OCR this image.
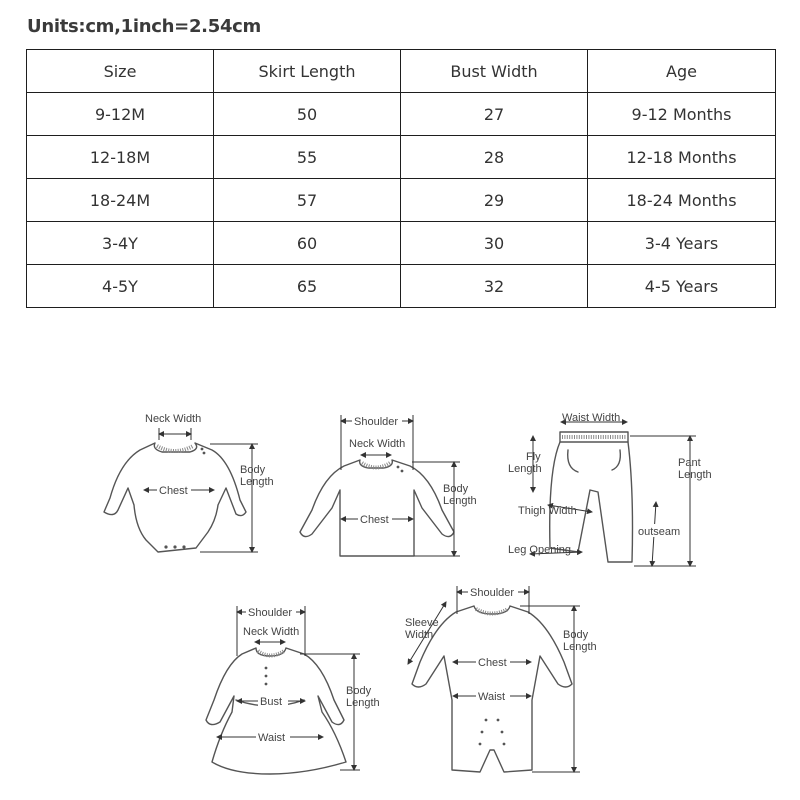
Units:cm,1inch=2.54cm
Size	Skirt Length	Bust Width	Age
9-12M	50	27	9-12 Months
12-18M	55	28	12-18 Months
18-24M	57	29	18-24 Months
3-4Y	60	30	3-4 Years
4-5Y	65	32	4-5 Years
Neck Width
Chest
Body
Length
Shoulder
Neck Width
Chest
Body
Length
Waist Width
Fly
Length	Pant
Length
Thigh Width
outseam
Leg Opening
Shoulder
Neck Width
Bust
Waist
Body
Length
Shoulder
Sleeve
Width
Chest
Waist
Body
Length
